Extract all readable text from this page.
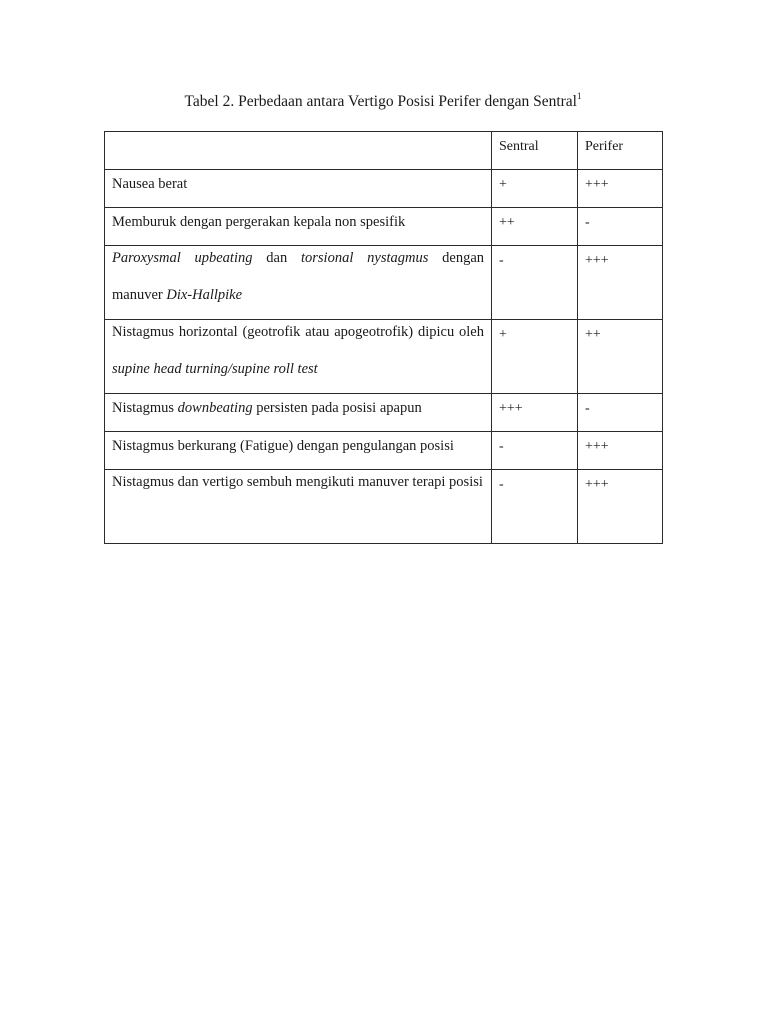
Tabel 2. Perbedaan antara Vertigo Posisi Perifer dengan Sentral$^1$
	Sentral	Perifer

Nausea berat	+	+++

Memburuk dengan pergerakan kepala non spesifik	++	-

Paroxysmal upbeating dan torsional nystagmus dengan manuver Dix-Hallpike	-	+++

Nistagmus horizontal (geotrofik atau apogeotrofik) dipicu oleh supine head turning/supine roll test	+	++

Nistagmus downbeating persisten pada posisi apapun	+++	-

Nistagmus berkurang (Fatigue) dengan pengulangan posisi	-	+++

Nistagmus dan vertigo sembuh mengikuti manuver terapi posisi	-	+++
